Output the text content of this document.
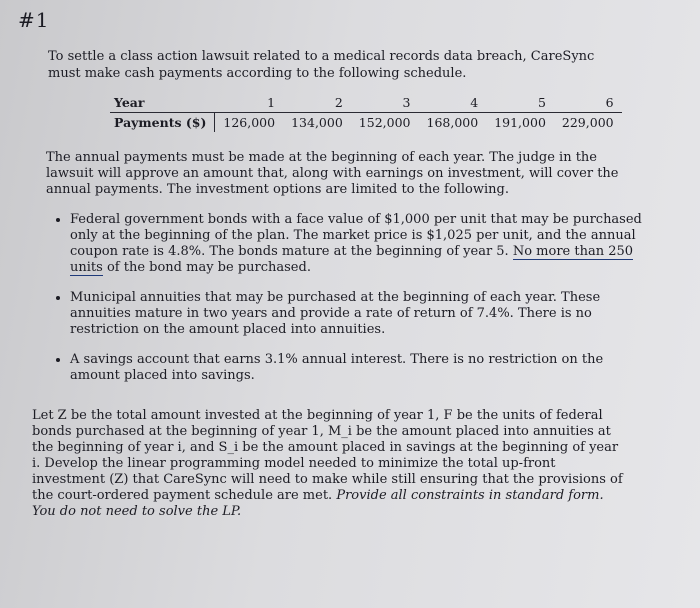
#1
To settle a class action lawsuit related to a medical records data breach, CareSync must make cash payments according to the following schedule.
Year	1	2	3	4	5	6
Payments ($)	126,000	134,000	152,000	168,000	191,000	229,000
The annual payments must be made at the beginning of each year. The judge in the lawsuit will approve an amount that, along with earnings on investment, will cover the annual payments. The investment options are limited to the following.
• Federal government bonds with a face value of $1,000 per unit that may be purchased only at the beginning of the plan. The market price is $1,025 per unit, and the annual coupon rate is 4.8%. The bonds mature at the beginning of year 5. No more than 250 units of the bond may be purchased.
• Municipal annuities that may be purchased at the beginning of each year. These annuities mature in two years and provide a rate of return of 7.4%. There is no restriction on the amount placed into annuities.
• A savings account that earns 3.1% annual interest. There is no restriction on the amount placed into savings.
Let Z be the total amount invested at the beginning of year 1, F be the units of federal bonds purchased at the beginning of year 1, M_i be the amount placed into annuities at the beginning of year i, and S_i be the amount placed in savings at the beginning of year i. Develop the linear programming model needed to minimize the total up-front investment (Z) that CareSync will need to make while still ensuring that the provisions of the court-ordered payment schedule are met. Provide all constraints in standard form. You do not need to solve the LP.
